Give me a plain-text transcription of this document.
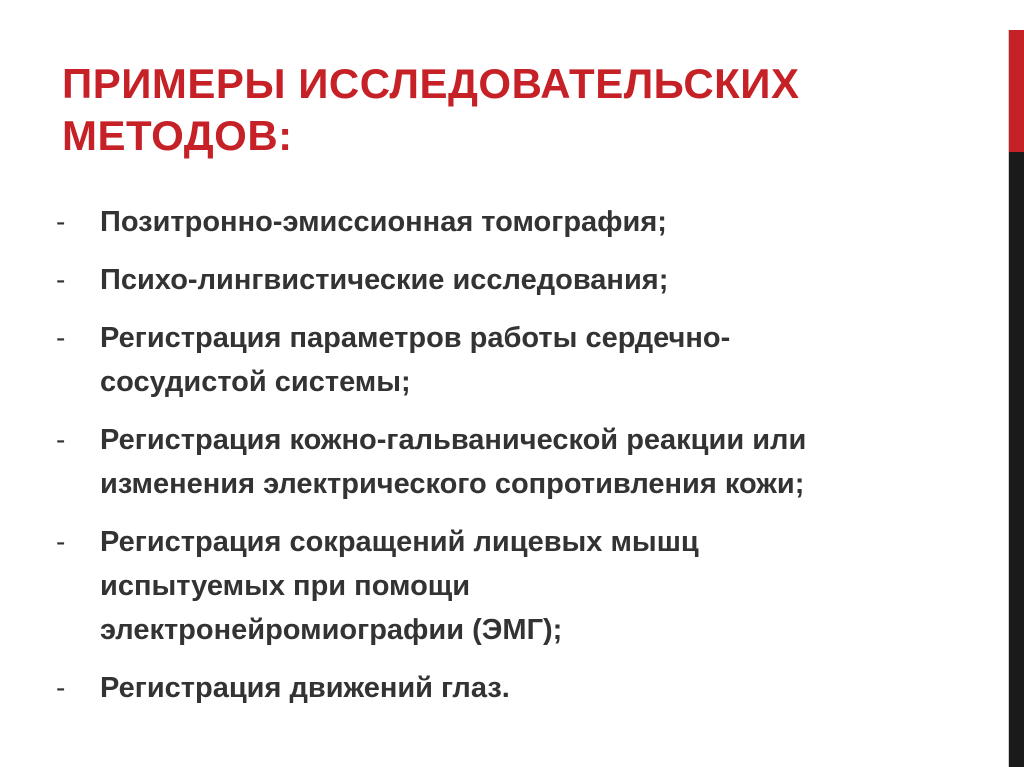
ПРИМЕРЫ ИССЛЕДОВАТЕЛЬСКИХ МЕТОДОВ:
-	Позитронно-эмиссионная томография;
-	Психо-лингвистические исследования;
-	Регистрация параметров работы сердечно-
сосудистой системы;
-	Регистрация кожно-гальванической реакции или
изменения электрического сопротивления кожи;
-	Регистрация сокращений лицевых мышц
испытуемых при помощи
электронейромиографии (ЭМГ);
-	Регистрация движений глаз.
